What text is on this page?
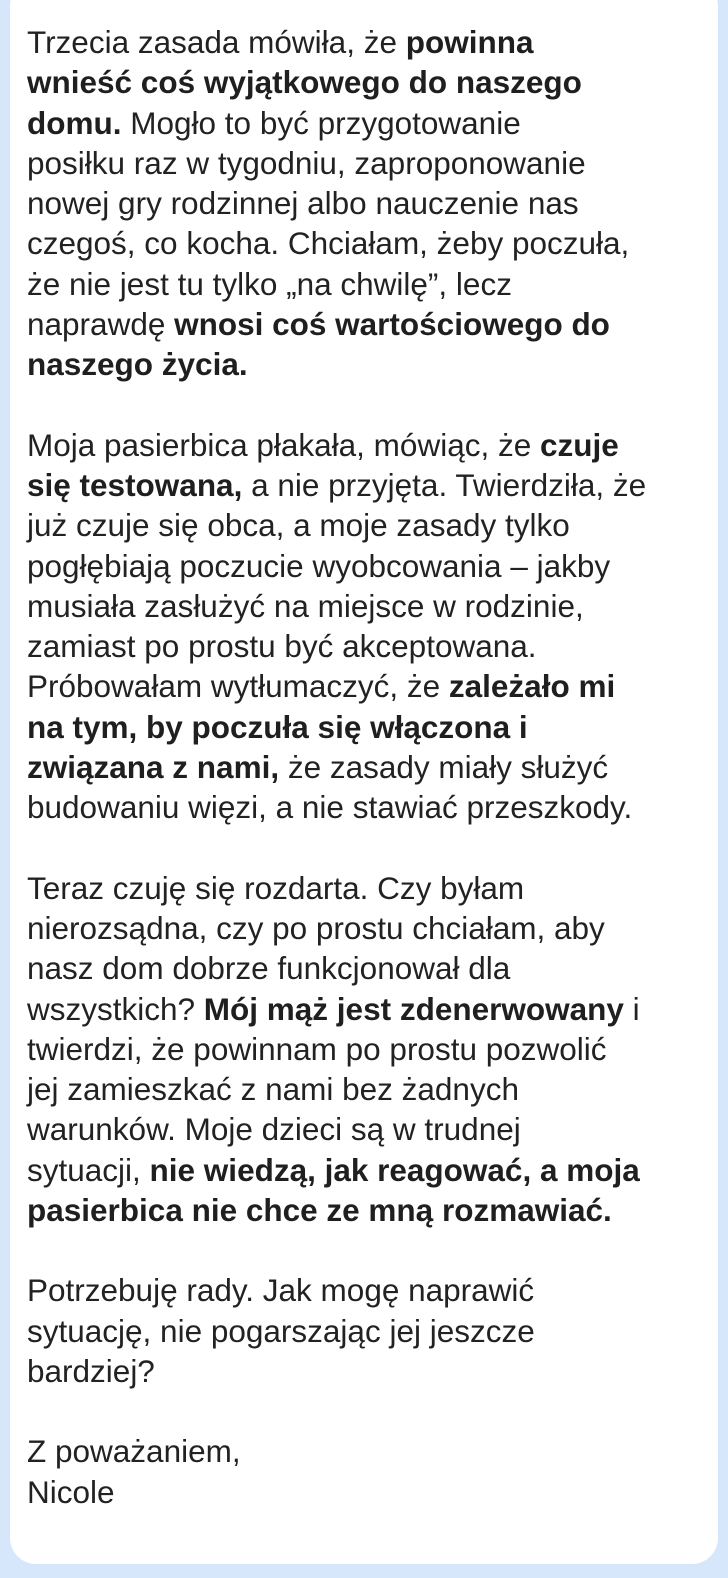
Trzecia zasada mówiła, że powinna
wnieść coś wyjątkowego do naszego
domu. Mogło to być przygotowanie
posiłku raz w tygodniu, zaproponowanie
nowej gry rodzinnej albo nauczenie nas
czegoś, co kocha. Chciałam, żeby poczuła,
że nie jest tu tylko „na chwilę”, lecz
naprawdę wnosi coś wartościowego do
naszego życia.
Moja pasierbica płakała, mówiąc, że czuje
się testowana, a nie przyjęta. Twierdziła, że
już czuje się obca, a moje zasady tylko
pogłębiają poczucie wyobcowania – jakby
musiała zasłużyć na miejsce w rodzinie,
zamiast po prostu być akceptowana.
Próbowałam wytłumaczyć, że zależało mi
na tym, by poczuła się włączona i
związana z nami, że zasady miały służyć
budowaniu więzi, a nie stawiać przeszkody.
Teraz czuję się rozdarta. Czy byłam
nierozsądna, czy po prostu chciałam, aby
nasz dom dobrze funkcjonował dla
wszystkich? Mój mąż jest zdenerwowany i
twierdzi, że powinnam po prostu pozwolić
jej zamieszkać z nami bez żadnych
warunków. Moje dzieci są w trudnej
sytuacji, nie wiedzą, jak reagować, a moja
pasierbica nie chce ze mną rozmawiać.
Potrzebuję rady. Jak mogę naprawić
sytuację, nie pogarszając jej jeszcze
bardziej?
Z poważaniem,
Nicole
